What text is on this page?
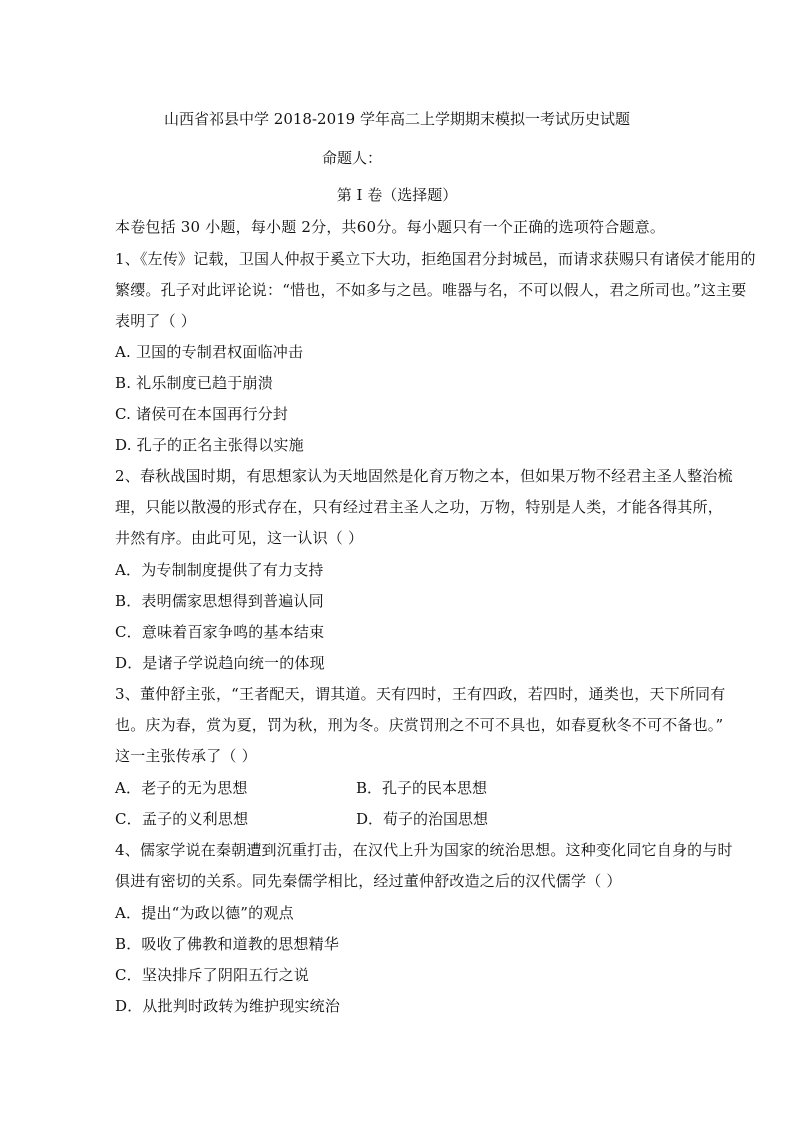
山西省祁县中学 2018-2019 学年高二上学期期末模拟一考试历史试题
命题人：
第 I 卷（选择题）
本卷包括 30 小题，每小题 2分，共60分。每小题只有一个正确的选项符合题意。
1、《左传》记载，卫国人仲叔于奚立下大功，拒绝国君分封城邑，而请求获赐只有诸侯才能用的
繁缨。孔子对此评论说：“惜也，不如多与之邑。唯器与名，不可以假人，君之所司也。”这主要
表明了（ ）
A. 卫国的专制君权面临冲击
B. 礼乐制度已趋于崩溃
C. 诸侯可在本国再行分封
D. 孔子的正名主张得以实施
2、春秋战国时期，有思想家认为天地固然是化育万物之本，但如果万物不经君主圣人整治梳
理，只能以散漫的形式存在，只有经过君主圣人之功，万物，特别是人类，才能各得其所，
井然有序。由此可见，这一认识（ ）
A．为专制制度提供了有力支持
B．表明儒家思想得到普遍认同
C．意味着百家争鸣的基本结束
D．是诸子学说趋向统一的体现
3、董仲舒主张，“王者配天，谓其道。天有四时，王有四政，若四时，通类也，天下所同有
也。庆为春，赏为夏，罚为秋，刑为冬。庆赏罚刑之不可不具也，如春夏秋冬不可不备也。”
这一主张传承了（ ）
A．老子的无为思想	B．孔子的民本思想
C．孟子的义利思想	D．荀子的治国思想
4、儒家学说在秦朝遭到沉重打击，在汉代上升为国家的统治思想。这种变化同它自身的与时
俱进有密切的关系。同先秦儒学相比，经过董仲舒改造之后的汉代儒学（ ）
A．提出“为政以德”的观点
B．吸收了佛教和道教的思想精华
C．坚决排斥了阴阳五行之说
D．从批判时政转为维护现实统治
